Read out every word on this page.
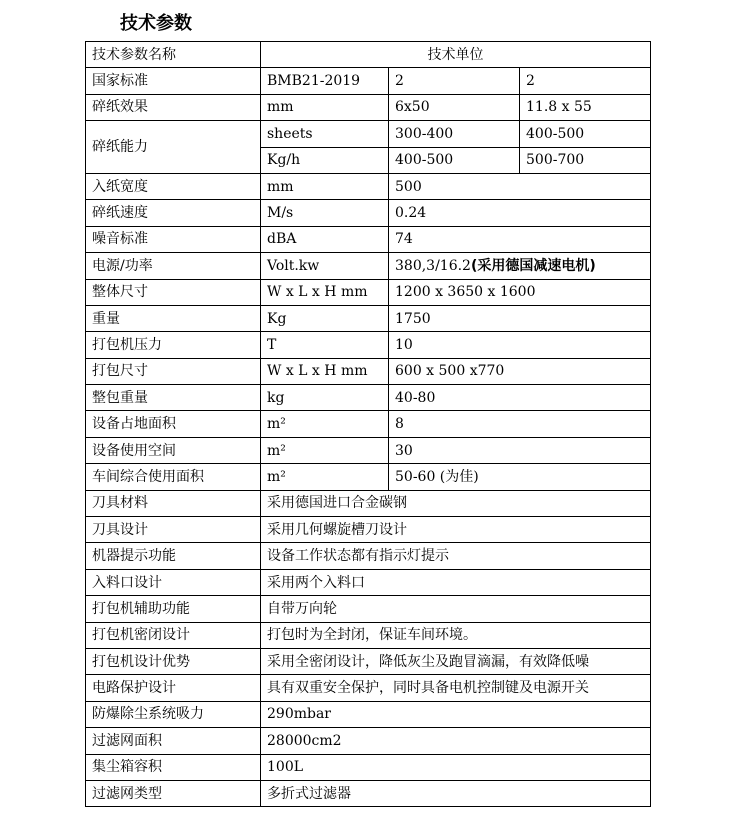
技术参数
技术参数名称	技术单位		
国家标准	BMB21-2019	2	2
碎纸效果	mm	6x50	11.8 x 55
碎纸能力	sheets	300-400	400-500
	Kg/h	400-500	500-700
入纸宽度	mm	500	
碎纸速度	M/s	0.24	
噪音标准	dBA	74	
电源/功率	Volt.kw	380,3/16.2(采用德国减速电机)	
整体尺寸	W x L x H mm	1200 x 3650 x 1600	
重量	Kg	1750	
打包机压力	T	10	
打包尺寸	W x L x H mm	600 x 500 x770	
整包重量	kg	40-80	
设备占地面积	m²	8	
设备使用空间	m²	30	
车间综合使用面积	m²	50-60 (为佳)	
刀具材料	采用德国进口合金碳钢		
刀具设计	采用几何螺旋槽刀设计		
机器提示功能	设备工作状态都有指示灯提示		
入料口设计	采用两个入料口		
打包机辅助功能	自带万向轮		
打包机密闭设计	打包时为全封闭，保证车间环境。		
打包机设计优势	采用全密闭设计，降低灰尘及跑冒滴漏，有效降低噪		
电路保护设计	具有双重安全保护，同时具备电机控制键及电源开关		
防爆除尘系统吸力	290mbar		
过滤网面积	28000cm2		
集尘箱容积	100L		
过滤网类型	多折式过滤器		
